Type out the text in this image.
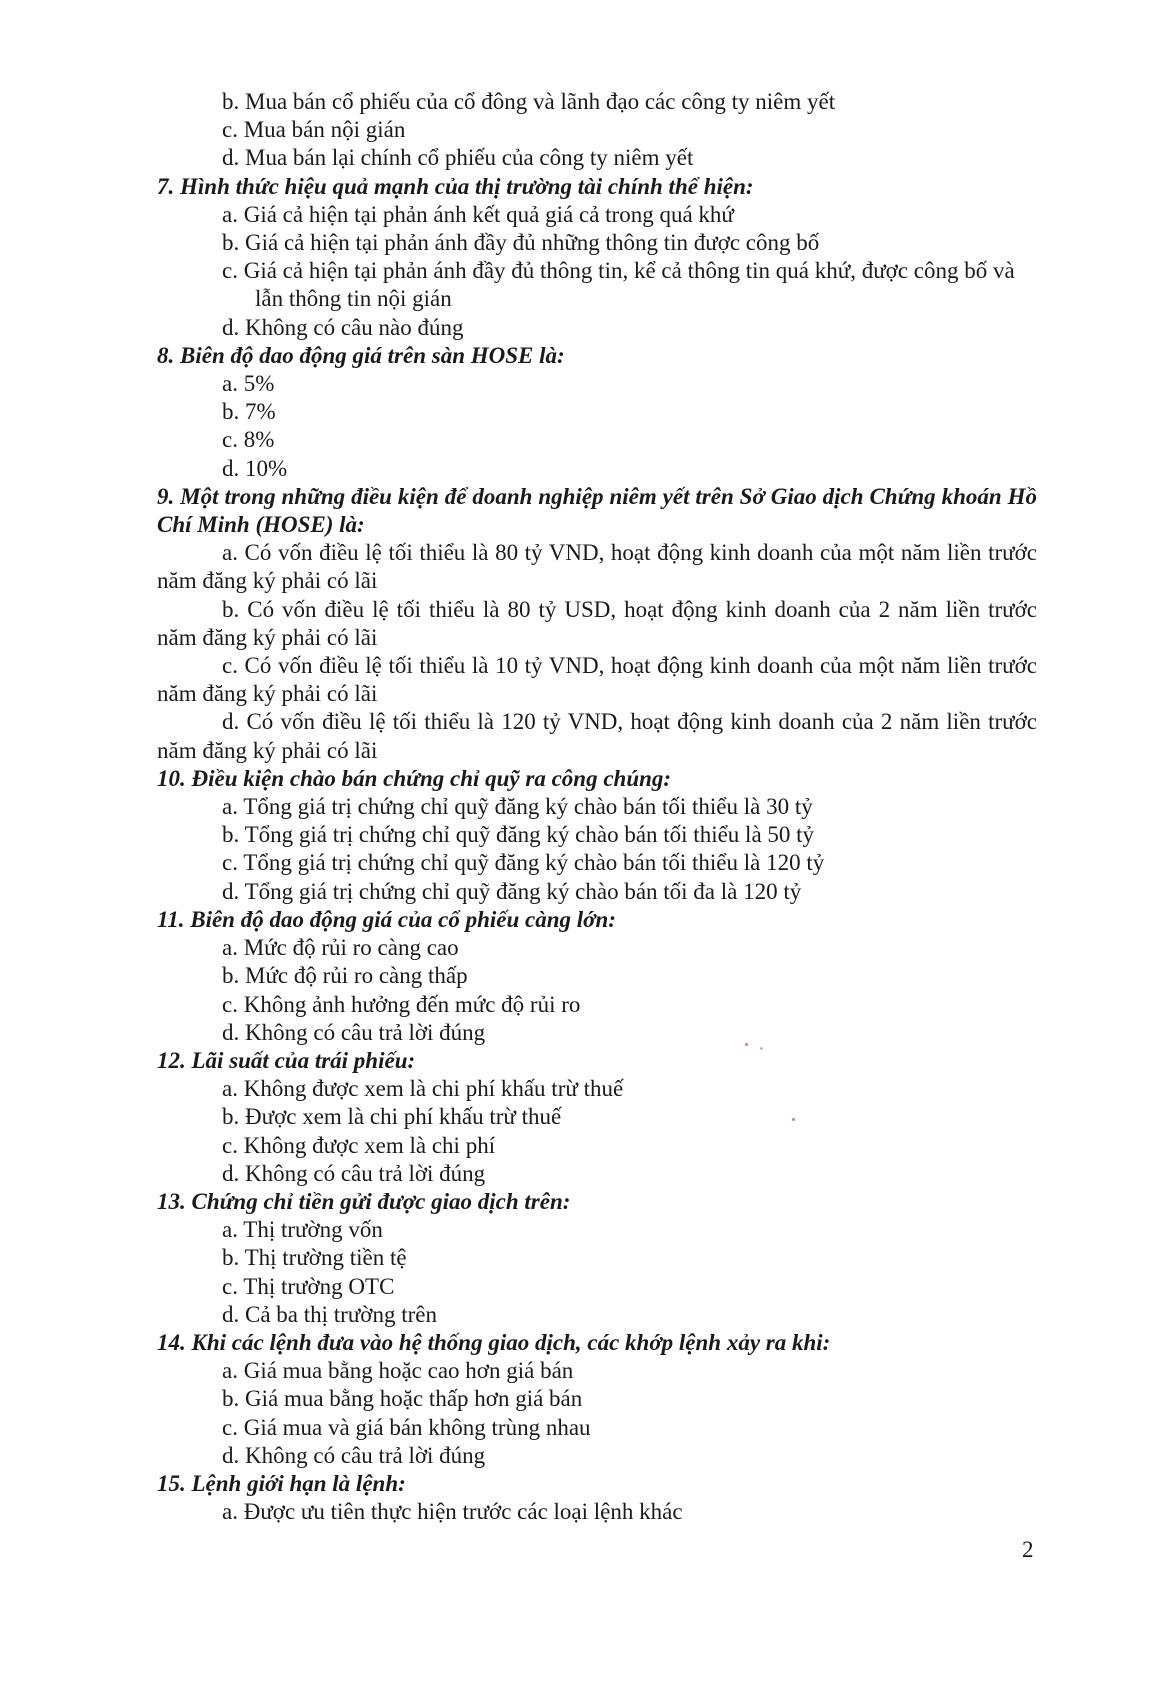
b. Mua bán cổ phiếu của cổ đông và lãnh đạo các công ty niêm yết
c. Mua bán nội gián
d. Mua bán lại chính cổ phiếu của công ty niêm yết
7. Hình thức hiệu quả mạnh của thị trường tài chính thể hiện:
a. Giá cả hiện tại phản ánh kết quả giá cả trong quá khứ
b. Giá cả hiện tại phản ánh đầy đủ những thông tin được công bố
c. Giá cả hiện tại phản ánh đầy đủ thông tin, kể cả thông tin quá khứ, được công bố và lẫn thông tin nội gián
d. Không có câu nào đúng
8. Biên độ dao động giá trên sàn HOSE là:
a. 5%
b. 7%
c. 8%
d. 10%
9. Một trong những điều kiện để doanh nghiệp niêm yết trên Sở Giao dịch Chứng khoán Hồ Chí Minh (HOSE) là:
a. Có vốn điều lệ tối thiểu là 80 tỷ VND, hoạt động kinh doanh của một năm liền trước năm đăng ký phải có lãi
b. Có vốn điều lệ tối thiểu là 80 tỷ USD, hoạt động kinh doanh của 2 năm liền trước năm đăng ký phải có lãi
c. Có vốn điều lệ tối thiểu là 10 tỷ VND, hoạt động kinh doanh của một năm liền trước năm đăng ký phải có lãi
d. Có vốn điều lệ tối thiểu là 120 tỷ VND, hoạt động kinh doanh của 2 năm liền trước năm đăng ký phải có lãi
10. Điều kiện chào bán chứng chỉ quỹ ra công chúng:
a. Tổng giá trị chứng chỉ quỹ đăng ký chào bán tối thiểu là 30 tỷ
b. Tổng giá trị chứng chỉ quỹ đăng ký chào bán tối thiểu là 50 tỷ
c. Tổng giá trị chứng chỉ quỹ đăng ký chào bán tối thiểu là 120 tỷ
d. Tổng giá trị chứng chỉ quỹ đăng ký chào bán tối đa là 120 tỷ
11. Biên độ dao động giá của cổ phiếu càng lớn:
a. Mức độ rủi ro càng cao
b. Mức độ rủi ro càng thấp
c. Không ảnh hưởng đến mức độ rủi ro
d. Không có câu trả lời đúng
12. Lãi suất của trái phiếu:
a. Không được xem là chi phí khấu trừ thuế
b. Được xem là chi phí khấu trừ thuế
c. Không được xem là chi phí
d. Không có câu trả lời đúng
13. Chứng chỉ tiền gửi được giao dịch trên:
a. Thị trường vốn
b. Thị trường tiền tệ
c. Thị trường OTC
d. Cả ba thị trường trên
14. Khi các lệnh đưa vào hệ thống giao dịch, các khớp lệnh xảy ra khi:
a. Giá mua bằng hoặc cao hơn giá bán
b. Giá mua bằng hoặc thấp hơn giá bán
c. Giá mua và giá bán không trùng nhau
d. Không có câu trả lời đúng
15. Lệnh giới hạn là lệnh:
a. Được ưu tiên thực hiện trước các loại lệnh khác
2
